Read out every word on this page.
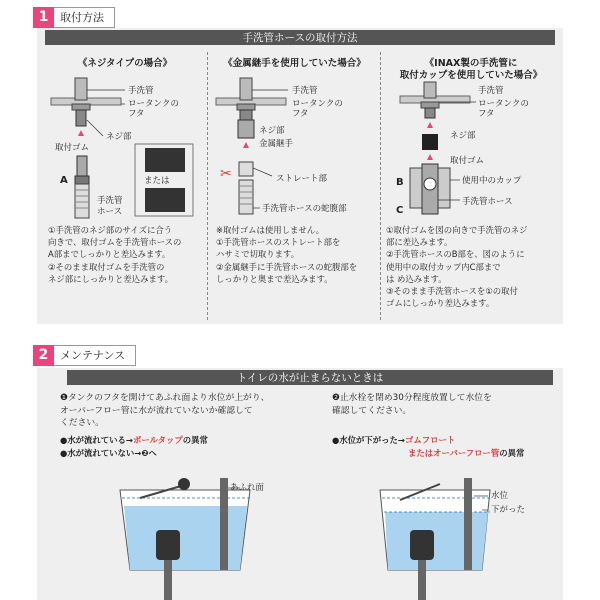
1	取付方法
手洗管ホースの取付方法
《ネジタイプの場合》
手洗管
ロータンクの
フタ
ネジ部
取付ゴム
A
手洗管
ホース
または

①手洗管のネジ部のサイズに合う

向きで、取付ゴムを手洗管ホースの

A部までしっかりと差込みます。

②そのまま取付ゴムを手洗管の

ネジ部にしっかりと差込みます。

《金属継手を使用していた場合》
✂
手洗管
ロータンクの
フタ
ネジ部
金属継手
ストレート部
手洗管ホースの蛇腹部

※取付ゴムは使用しません。

①手洗管ホースのストレート部を

ハサミで切取ります。

②金属継手に手洗管ホースの蛇腹部を

しっかりと奥まで差込みます。

《INAX製の手洗管に
取付カップを使用していた場合》
手洗管
ロータンクの
フタ
ネジ部
取付ゴム
B	使用中のカップ
C
手洗管ホース

①取付ゴムを図の向きで手洗管のネジ

部に差込みます。

②手洗管ホースのB部を、図のように

使用中の取付カップ内C部まで

は め込みます。

③そのまま手洗管ホースを①の取付

ゴムにしっかり差込みます。

2	メンテナンス
トイレの水が止まらないときは

❶タンクのフタを開けてあふれ面より水位が上がり、

オーバーフロー管に水が流れていないか確認して

ください。

●水が流れている→ボールタップの異常

●水が流れていない→❷へ

あふれ面

❷止水栓を閉め30分程度放置して水位を

確認してください。

●水位が下がった→ゴムフロート

またはオーバーフロー管の異常

水位
下がった
